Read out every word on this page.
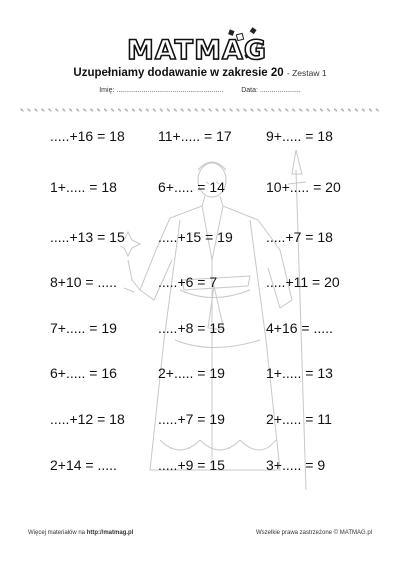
MATMAG
Uzupełniamy dodawanie w zakresie 20 - Zestaw 1
Imię: .......................................................	Data: .....................
✎ ✎ ✎ ✎ ✎ ✎ ✎ ✎ ✎ ✎ ✎ ✎ ✎ ✎ ✎ ✎ ✎ ✎ ✎ ✎ ✎ ✎ ✎ ✎ ✎ ✎ ✎ ✎ ✎ ✎ ✎ ✎ ✎ ✎ ✎ ✎ ✎ ✎ ✎ ✎ ✎ ✎ ✎ ✎ ✎ ✎ ✎ ✎ ✎ ✎ ✎ ✎
.....+16 = 18 11+..... = 17 9+..... = 18
1+..... = 18	6+..... = 14	10+..... = 20
.....+13 = 15 .....+15 = 19 .....+7 = 18
8+10 = .....	.....+6 = 7	.....+11 = 20
7+..... = 19	.....+8 = 15	4+16 = .....
6+..... = 16	2+..... = 19	1+..... = 13
.....+12 = 18 .....+7 = 19	2+..... = 11
2+14 = .....	.....+9 = 15	3+..... = 9
Więcej materiałów na http://matmag.pl	Wszelkie prawa zastrzeżone © MATMAG.pl
